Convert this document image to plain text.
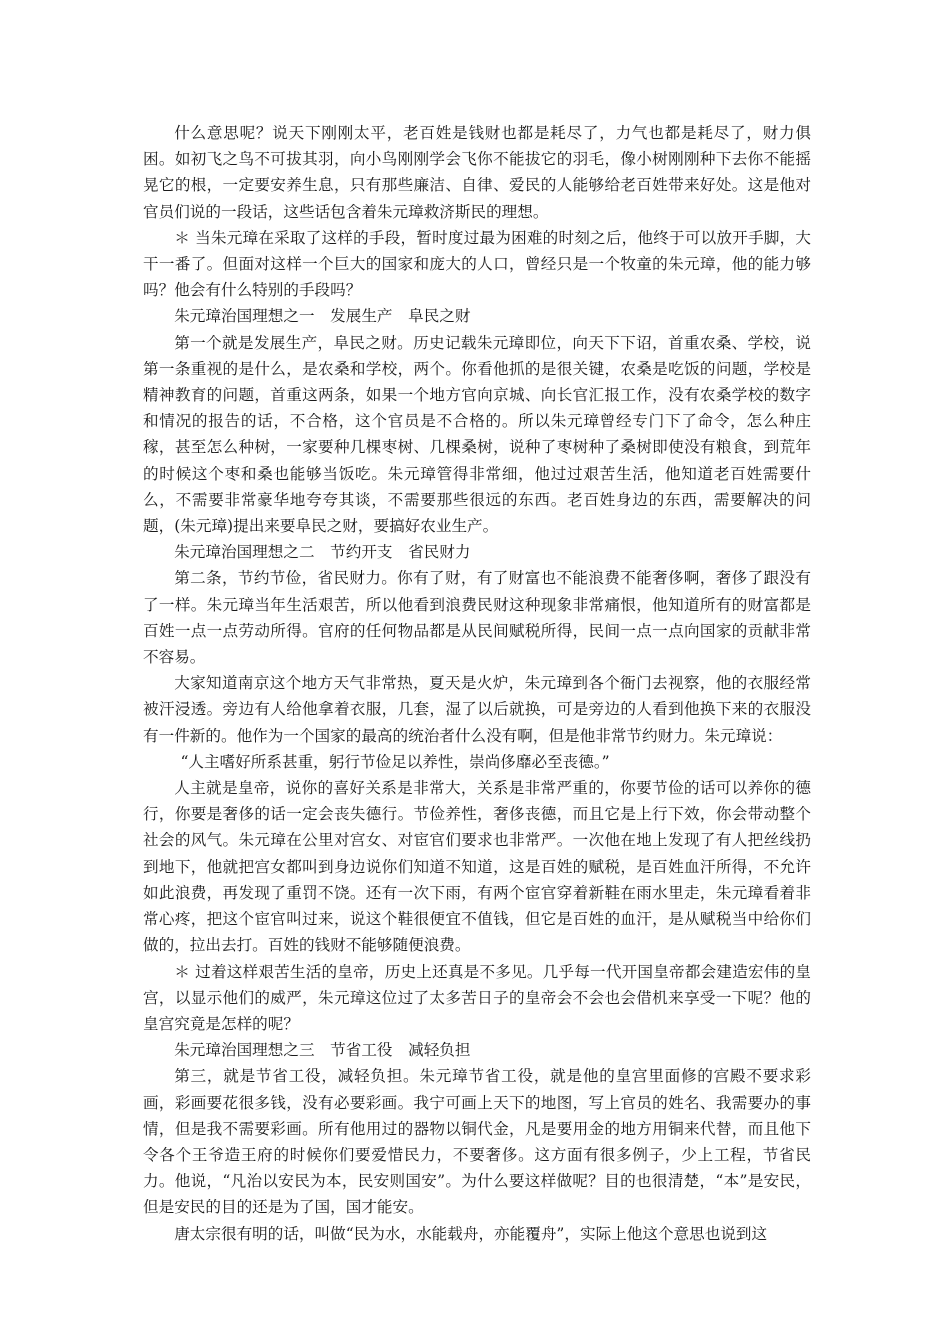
什么意思呢？说天下刚刚太平，老百姓是钱财也都是耗尽了，力气也都是耗尽了，财力俱困。如初飞之鸟不可拔其羽，向小鸟刚刚学会飞你不能拔它的羽毛，像小树刚刚种下去你不能摇晃它的根，一定要安养生息，只有那些廉洁、自律、爱民的人能够给老百姓带来好处。这是他对官员们说的一段话，这些话包含着朱元璋救济斯民的理想。

＊ 当朱元璋在采取了这样的手段，暂时度过最为困难的时刻之后，他终于可以放开手脚，大干一番了。但面对这样一个巨大的国家和庞大的人口，曾经只是一个牧童的朱元璋，他的能力够吗？他会有什么特别的手段吗？

朱元璋治国理想之一　发展生产　阜民之财

第一个就是发展生产，阜民之财。历史记载朱元璋即位，向天下下诏，首重农桑、学校，说第一条重视的是什么，是农桑和学校，两个。你看他抓的是很关键，农桑是吃饭的问题，学校是精神教育的问题，首重这两条，如果一个地方官向京城、向长官汇报工作，没有农桑学校的数字和情况的报告的话，不合格，这个官员是不合格的。所以朱元璋曾经专门下了命令，怎么种庄稼，甚至怎么种树，一家要种几棵枣树、几棵桑树，说种了枣树种了桑树即使没有粮食，到荒年的时候这个枣和桑也能够当饭吃。朱元璋管得非常细，他过过艰苦生活，他知道老百姓需要什么，不需要非常豪华地夸夸其谈，不需要那些很远的东西。老百姓身边的东西，需要解决的问题，(朱元璋)提出来要阜民之财，要搞好农业生产。

朱元璋治国理想之二　节约开支　省民财力

第二条，节约节俭，省民财力。你有了财，有了财富也不能浪费不能奢侈啊，奢侈了跟没有了一样。朱元璋当年生活艰苦，所以他看到浪费民财这种现象非常痛恨，他知道所有的财富都是百姓一点一点劳动所得。官府的任何物品都是从民间赋税所得，民间一点一点向国家的贡献非常不容易。

大家知道南京这个地方天气非常热，夏天是火炉，朱元璋到各个衙门去视察，他的衣服经常被汗浸透。旁边有人给他拿着衣服，几套，湿了以后就换，可是旁边的人看到他换下来的衣服没有一件新的。他作为一个国家的最高的统治者什么没有啊，但是他非常节约财力。朱元璋说：

“人主嗜好所系甚重，躬行节俭足以养性，崇尚侈靡必至丧德。”

人主就是皇帝，说你的喜好关系是非常大，关系是非常严重的，你要节俭的话可以养你的德行，你要是奢侈的话一定会丧失德行。节俭养性，奢侈丧德，而且它是上行下效，你会带动整个社会的风气。朱元璋在公里对宫女、对宦官们要求也非常严。一次他在地上发现了有人把丝线扔到地下，他就把宫女都叫到身边说你们知道不知道，这是百姓的赋税，是百姓血汗所得，不允许如此浪费，再发现了重罚不饶。还有一次下雨，有两个宦官穿着新鞋在雨水里走，朱元璋看着非常心疼，把这个宦官叫过来，说这个鞋很便宜不值钱，但它是百姓的血汗，是从赋税当中给你们做的，拉出去打。百姓的钱财不能够随便浪费。

＊ 过着这样艰苦生活的皇帝，历史上还真是不多见。几乎每一代开国皇帝都会建造宏伟的皇宫，以显示他们的威严，朱元璋这位过了太多苦日子的皇帝会不会也会借机来享受一下呢？他的皇宫究竟是怎样的呢？

朱元璋治国理想之三　节省工役　减轻负担

第三，就是节省工役，减轻负担。朱元璋节省工役，就是他的皇宫里面修的宫殿不要求彩画，彩画要花很多钱，没有必要彩画。我宁可画上天下的地图，写上官员的姓名、我需要办的事情，但是我不需要彩画。所有他用过的器物以铜代金，凡是要用金的地方用铜来代替，而且他下令各个王爷造王府的时候你们要爱惜民力，不要奢侈。这方面有很多例子，少上工程，节省民力。他说，“凡治以安民为本，民安则国安”。为什么要这样做呢？目的也很清楚，“本”是安民，但是安民的目的还是为了国，国才能安。

唐太宗很有明的话，叫做“民为水，水能载舟，亦能覆舟”，实际上他这个意思也说到这
